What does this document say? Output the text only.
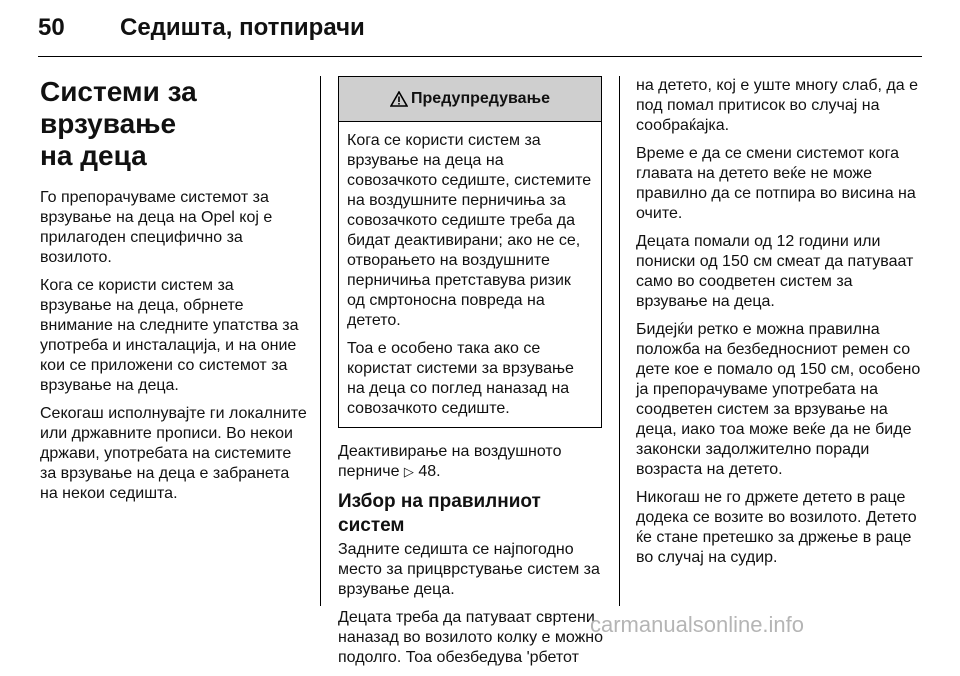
50 Седишта, потпирачи
Системи за врзување
на деца

Го препорачуваме системот за врзување на деца на Opel кој е прилагоден специфично за возилото.

Кога се користи систем за врзување на деца, обрнете внимание на следните упатства за употреба и инсталација, и на оние кои се приложени со системот за врзување на деца.

Секогаш исполнувајте ги локалните или државните прописи. Во некои држави, употребата на системите за врзување на деца е забранета на некои седишта.

Предупредување

Кога се користи систем за врзување на деца на совозачкото седиште, системите на воздушните перничиња за совозачкото седиште треба да бидат деактивирани; ако не се, отворањето на воздушните перничиња претставува ризик од смртоносна повреда на детето.

Тоа е особено така ако се користат системи за врзување на деца со поглед наназад на совозачкото седиште.

Деактивирање на воздушното перниче ▷ 48.

Избор на правилниот систем

Задните седишта се најпогодно место за прицврстување систем за врзување деца.

Децата треба да патуваат свртени наназад во возилото колку е можно подолго. Тоа обезбедува 'рбетот

на детето, кој е уште многу слаб, да е под помал притисок во случај на сообраќајка.

Време е да се смени системот кога главата на детето веќе не може правилно да се потпира во висина на очите.

Децата помали од 12 години или пониски од 150 см смеат да патуваат само во соодветен систем за врзување на деца.

Бидејќи ретко е можна правилна положба на безбедносниот ремен со дете кое е помало од 150 см, особено ја препорачуваме употребата на соодветен систем за врзување на деца, иако тоа може веќе да не биде законски задолжително поради возраста на детето.

Никогаш не го држете детето в раце додека се возите во возилото. Детето ќе стане претешко за држење в раце во случај на судир.

carmanualsonline.info
